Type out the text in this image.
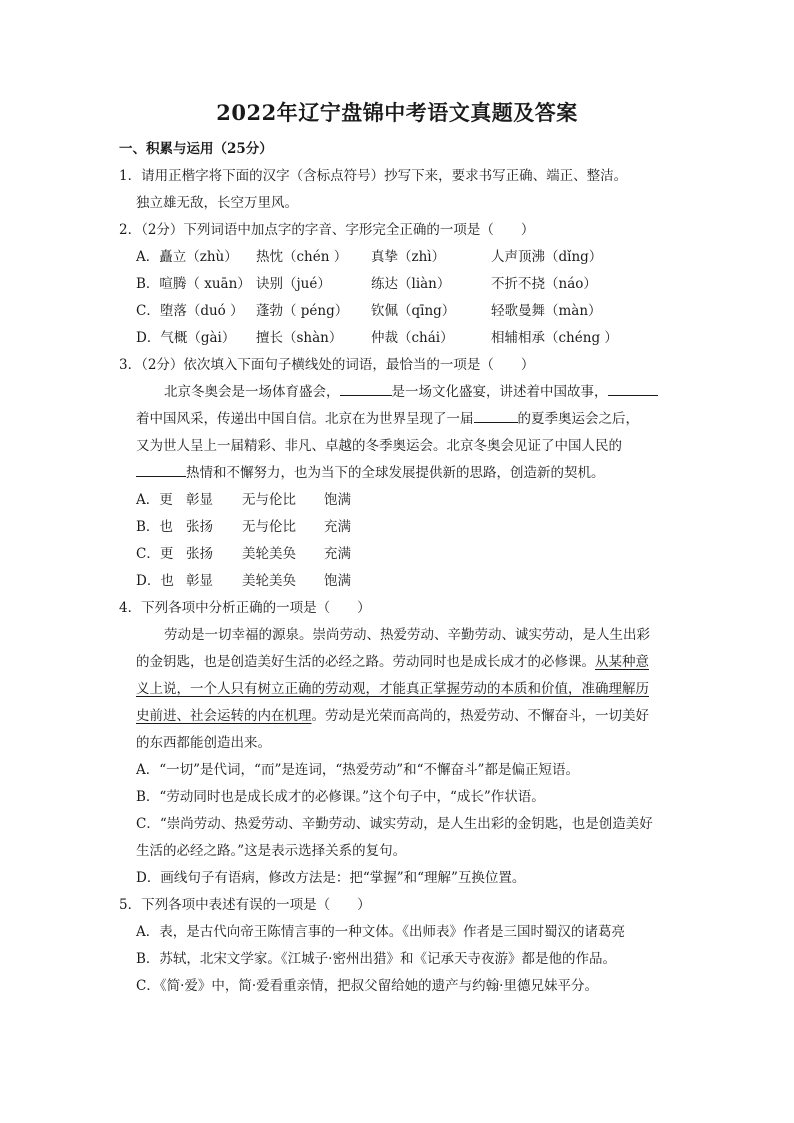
2022年辽宁盘锦中考语文真题及答案
一、积累与运用（25分）
1．请用正楷字将下面的汉字（含标点符号）抄写下来，要求书写正确、端正、整洁。
独立雄无敌，长空万里风。
2．（2分）下列词语中加点字的字音、字形完全正确的一项是（　　）
A．矗立（zhù）	热忱（chén ）	真挚（zhì）	人声顶沸（dǐng）
B．喧腾（ xuān） 诀别（jué）	练达（liàn）	不折不挠（náo）
C．堕落（duó ） 蓬勃（ péng）	钦佩（qīng）	轻歌曼舞（màn）
D．气概（gài）	擅长（shàn）	仲裁（chái）	相辅相承（chéng ）
3．（2分）依次填入下面句子横线处的词语，最恰当的一项是（　　）
北京冬奥会是一场体育盛会，	是一场文化盛宴，讲述着中国故事，
着中国风采，传递出中国自信。北京在为世界呈现了一届	的夏季奥运会之后，
又为世人呈上一届精彩、非凡、卓越的冬季奥运会。北京冬奥会见证了中国人民的
热情和不懈努力，也为当下的全球发展提供新的思路，创造新的契机。
A．更 彰显	无与伦比	饱满
B．也 张扬	无与伦比	充满
C．更 张扬	美轮美奂	充满
D．也 彰显	美轮美奂	饱满
4．下列各项中分析正确的一项是（　　）
劳动是一切幸福的源泉。崇尚劳动、热爱劳动、辛勤劳动、诚实劳动，是人生出彩
的金钥匙，也是创造美好生活的必经之路。劳动同时也是成长成才的必修课。从某种意
义上说，一个人只有树立正确的劳动观，才能真正掌握劳动的本质和价值，准确理解历
史前进、社会运转的内在机理。劳动是光荣而高尚的，热爱劳动、不懈奋斗，一切美好
的东西都能创造出来。
A．“一切”是代词，“而”是连词，“热爱劳动”和“不懈奋斗”都是偏正短语。
B．“劳动同时也是成长成才的必修课。”这个句子中，“成长”作状语。
C．“崇尚劳动、热爱劳动、辛勤劳动、诚实劳动，是人生出彩的金钥匙，也是创造美好
生活的必经之路。”这是表示选择关系的复句。
D．画线句子有语病，修改方法是：把“掌握”和“理解”互换位置。
5．下列各项中表述有误的一项是（　　）
A．表，是古代向帝王陈情言事的一种文体。《出师表》作者是三国时蜀汉的诸葛亮
B．苏轼，北宋文学家。《江城子·密州出猎》和《记承天寺夜游》都是他的作品。
C．《简·爱》中，简·爱看重亲情，把叔父留给她的遗产与约翰·里德兄妹平分。
